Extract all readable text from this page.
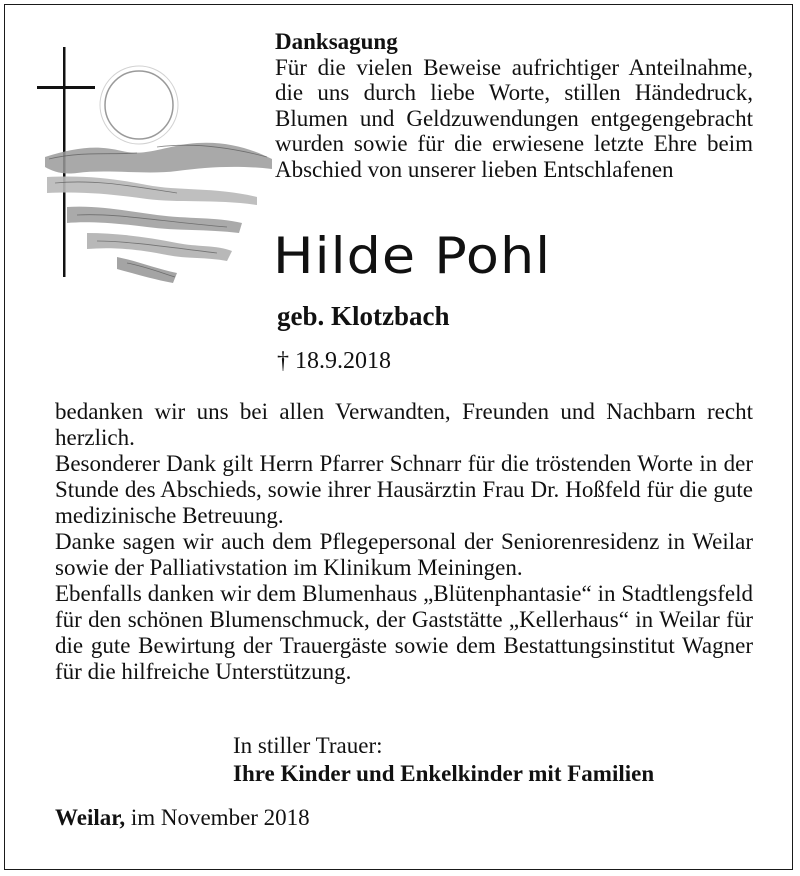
Danksagung
Für die vielen Beweise aufrichtiger Anteilnahme, die uns durch liebe Worte, stillen Händedruck, Blumen und Geldzuwendungen entgegengebracht wurden sowie für die erwiesene letzte Ehre beim Abschied von unserer lieben Entschlafenen
Hilde Pohl
geb. Klotzbach
† 18.9.2018
bedanken wir uns bei allen Verwandten, Freunden und Nachbarn recht herzlich.
Besonderer Dank gilt Herrn Pfarrer Schnarr für die tröstenden Worte in der Stunde des Abschieds, sowie ihrer Hausärztin Frau Dr. Hoßfeld für die gute medizinische Betreuung.
Danke sagen wir auch dem Pflegepersonal der Seniorenresidenz in Weilar sowie der Palliativstation im Klinikum Meiningen.
Ebenfalls danken wir dem Blumenhaus „Blütenphantasie“ in Stadtlengsfeld für den schönen Blumenschmuck, der Gaststätte „Kellerhaus“ in Weilar für die gute Bewirtung der Trauergäste sowie dem Bestattungsinstitut Wagner für die hilfreiche Unterstützung.
In stiller Trauer:
Ihre Kinder und Enkelkinder mit Familien
Weilar, im November 2018
